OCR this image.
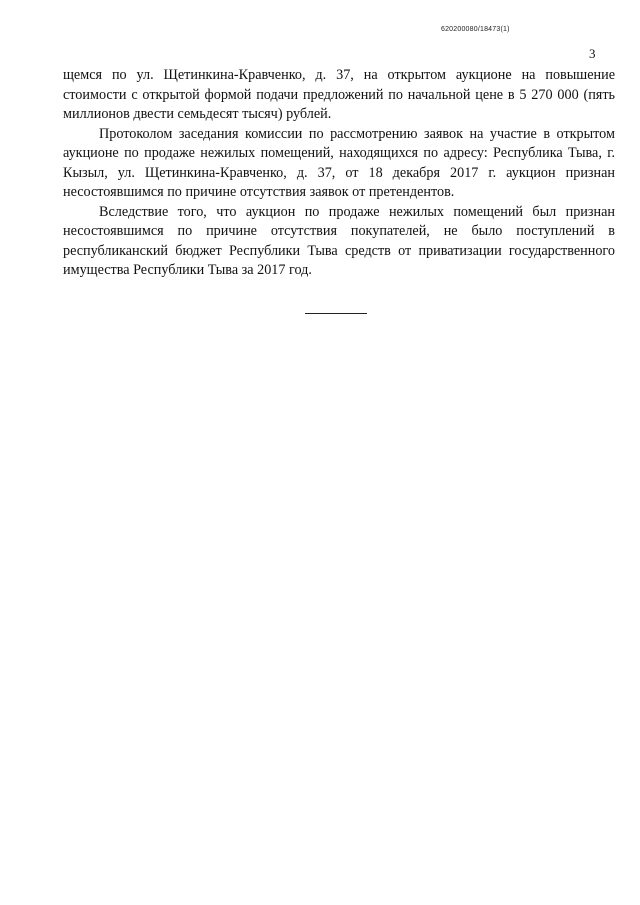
620200080/18473(1)
3

щемся по ул. Щетинкина-Кравченко, д. 37, на открытом аукционе на повышение стоимости с открытой формой подачи предложений по начальной цене в 5 270 000 (пять миллионов двести семьдесят тысяч) рублей.

Протоколом заседания комиссии по рассмотрению заявок на участие в открытом аукционе по продаже нежилых помещений, находящихся по адресу: Республика Тыва, г. Кызыл, ул. Щетинкина-Кравченко, д. 37, от 18 декабря 2017 г. аукцион признан несостоявшимся по причине отсутствия заявок от претендентов.

Вследствие того, что аукцион по продаже нежилых помещений был признан несостоявшимся по причине отсутствия покупателей, не было поступлений в республиканский бюджет Республики Тыва средств от приватизации государственного имущества Республики Тыва за 2017 год.
